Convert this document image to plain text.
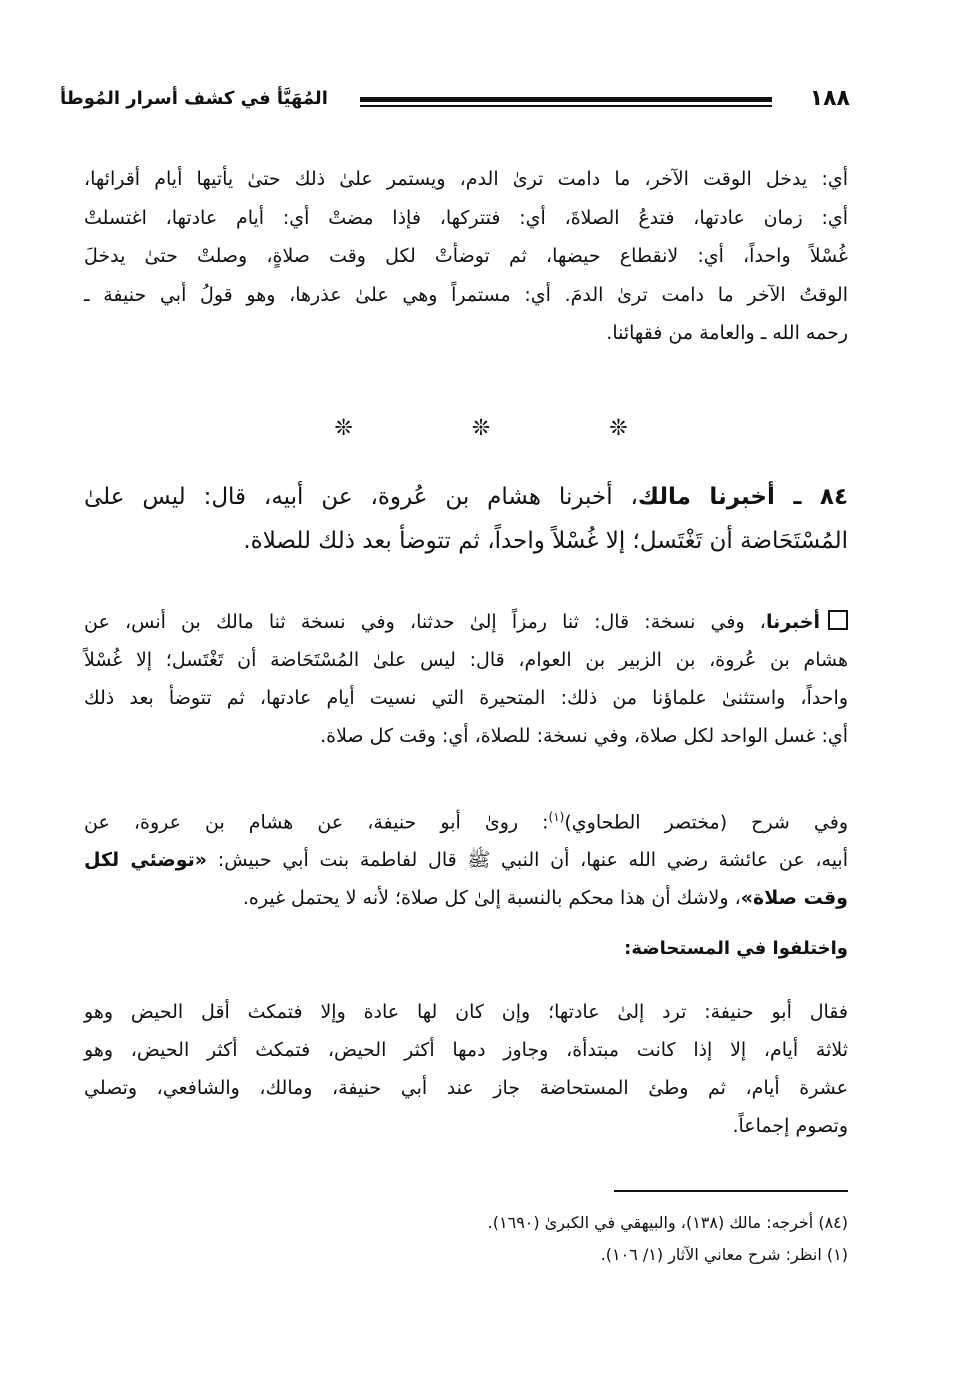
١٨٨
المُهَيَّأ في كشف أسرار المُوطأ
أي: يدخل الوقت الآخر، ما دامت ترىٰ الدم، ويستمر علىٰ ذلك حتىٰ يأتيها أيام أقرائها،
أي: زمان عادتها، فتدعُ الصلاةَ، أي: فتتركها، فإذا مضتْ أي: أيام عادتها، اغتسلتْ
غُسْلاً واحداً، أي: لانقطاع حيضها، ثم توضأتْ لكل وقت صلاةٍ، وصلتْ حتىٰ يدخلَ
الوقتُ الآخر ما دامت ترىٰ الدمَ. أي: مستمراً وهي علىٰ عذرها، وهو قولُ أبي حنيفة ـ
رحمه الله ـ والعامة من فقهائنا.
❊ ❊ ❊
٨٤ ـ أخبرنا مالك، أخبرنا هشام بن عُروة، عن أبيه، قال: ليس علىٰ
المُسْتَحَاضة أن تَغْتَسل؛ إلا غُسْلاً واحداً، ثم تتوضأ بعد ذلك للصلاة.
أخبرنا، وفي نسخة: قال: ثنا رمزاً إلىٰ حدثنا، وفي نسخة ثنا مالك بن أنس، عن
هشام بن عُروة، بن الزبير بن العوام، قال: ليس علىٰ المُسْتَحَاضة أن تَغْتَسل؛ إلا غُسْلاً
واحداً، واستثنىٰ علماؤنا من ذلك: المتحيرة التي نسيت أيام عادتها، ثم تتوضأ بعد ذلك
أي: غسل الواحد لكل صلاة، وفي نسخة: للصلاة، أي: وقت كل صلاة.
وفي شرح (مختصر الطحاوي)$^{(١)}$: روىٰ أبو حنيفة، عن هشام بن عروة، عن
أبيه، عن عائشة رضي الله عنها، أن النبي ﷺ قال لفاطمة بنت أبي حبيش: «توضئي لكل
وقت صلاة»، ولاشك أن هذا محكم بالنسبة إلىٰ كل صلاة؛ لأنه لا يحتمل غيره.
واختلفوا في المستحاضة:
فقال أبو حنيفة: ترد إلىٰ عادتها؛ وإن كان لها عادة وإلا فتمكث أقل الحيض وهو
ثلاثة أيام، إلا إذا كانت مبتدأة، وجاوز دمها أكثر الحيض، فتمكث أكثر الحيض، وهو
عشرة أيام، ثم وطئ المستحاضة جاز عند أبي حنيفة، ومالك، والشافعي، وتصلي
وتصوم إجماعاً.
(٨٤) أخرجه: مالك (١٣٨)، والبيهقي في الكبرىٰ (١٦٩٠).
(١) انظر: شرح معاني الآثار (١/ ١٠٦).
